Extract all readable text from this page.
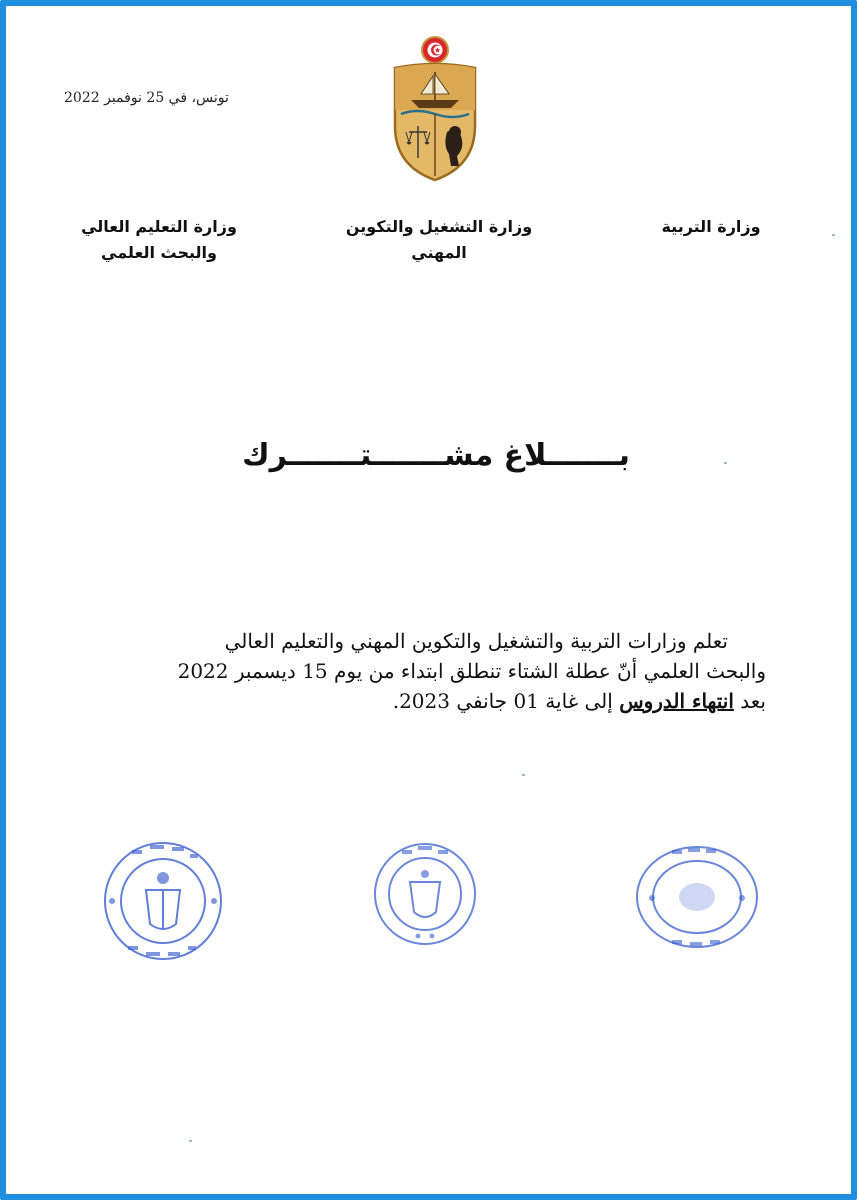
تونس، في 25 نوفمبر 2022
وزارة التربية
وزارة التشغيل والتكوين
المهني
وزارة التعليم العالي
والبحث العلمي
بـــــــلاغ مشـــــــتـــــــرك
تعلم وزارات التربية والتشغيل والتكوين المهني والتعليم العالي
والبحث العلمي أنّ عطلة الشتاء تنطلق ابتداء من يوم 15 ديسمبر 2022
بعد انتهاء الدروس إلى غاية 01 جانفي 2023.
